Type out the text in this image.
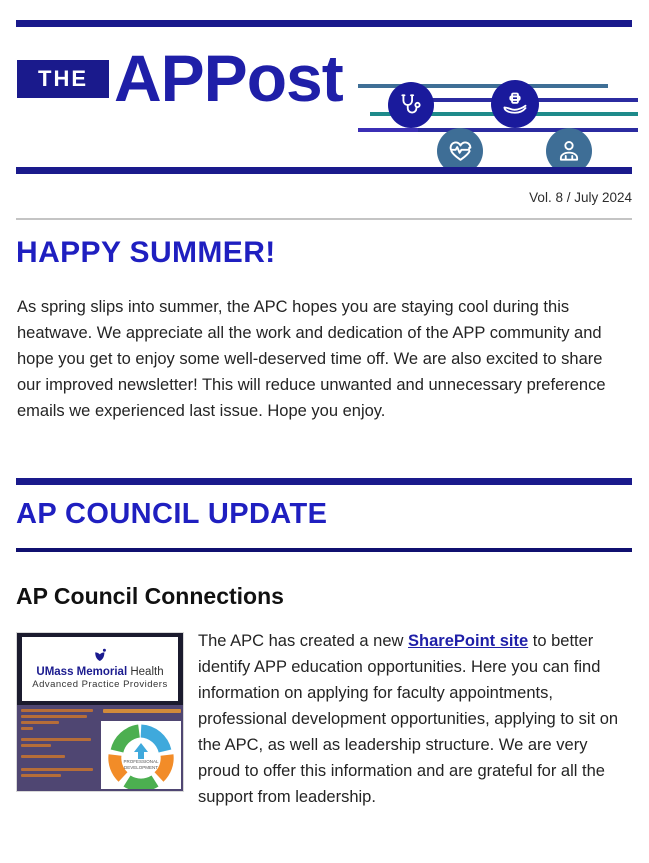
THE APPost
Vol. 8 / July 2024
HAPPY SUMMER!
As spring slips into summer, the APC hopes you are staying cool during this heatwave. We appreciate all the work and dedication of the APP community and hope you get to enjoy some well-deserved time off. We are also excited to share our improved newsletter! This will reduce unwanted and unnecessary preference emails we experienced last issue. Hope you enjoy.
AP COUNCIL UPDATE
AP Council Connections
UMass Memorial Health
Advanced Practice Providers
PROFESSIONAL
DEVELOPMENT
The APC has created a new SharePoint site to better identify APP education opportunities. Here you can find information on applying for faculty appointments, professional development opportunities, applying to sit on the APC, as well as leadership structure. We are very proud to offer this information and are grateful for all the support from leadership.
